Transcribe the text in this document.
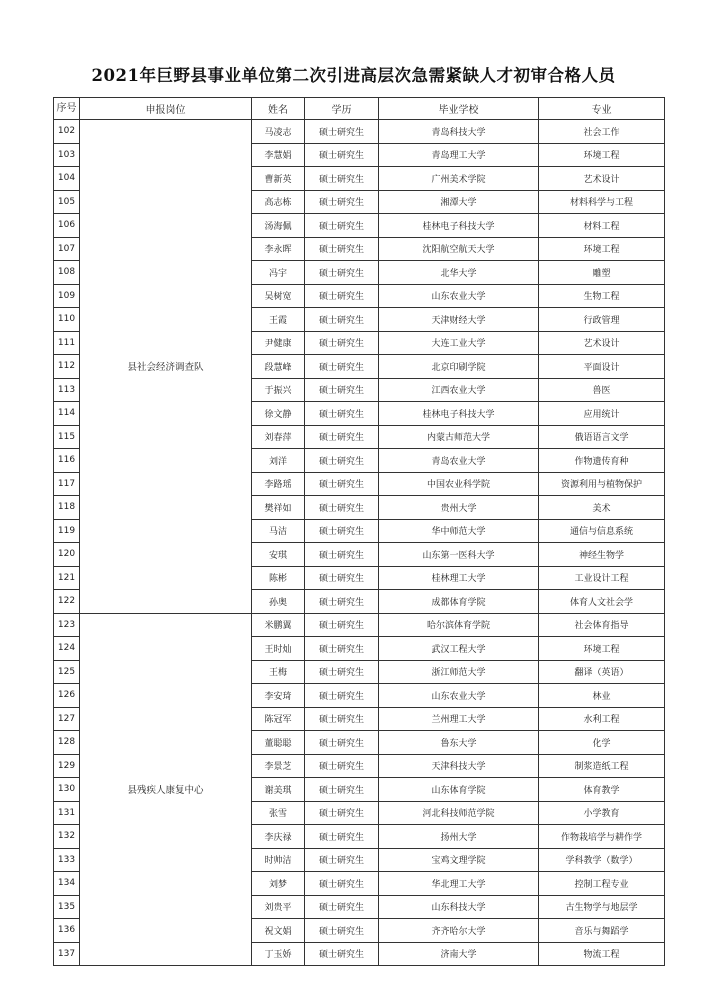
2021年巨野县事业单位第二次引进高层次急需紧缺人才初审合格人员
序号	申报岗位	姓名	学历	毕业学校	专业
102	县社会经济调查队	马凌志	硕士研究生	青岛科技大学	社会工作
103		李慧娟	硕士研究生	青岛理工大学	环境工程
104		曹新英	硕士研究生	广州美术学院	艺术设计
105		高志栋	硕士研究生	湘潭大学	材料科学与工程
106		汤海佩	硕士研究生	桂林电子科技大学	材料工程
107		李永晖	硕士研究生	沈阳航空航天大学	环境工程
108		冯宇	硕士研究生	北华大学	雕塑
109		吴树宽	硕士研究生	山东农业大学	生物工程
110		王霞	硕士研究生	天津财经大学	行政管理
111		尹健康	硕士研究生	大连工业大学	艺术设计
112		段慧峰	硕士研究生	北京印刷学院	平面设计
113		于振兴	硕士研究生	江西农业大学	兽医
114		徐文静	硕士研究生	桂林电子科技大学	应用统计
115		刘春萍	硕士研究生	内蒙古师范大学	俄语语言文学
116		刘洋	硕士研究生	青岛农业大学	作物遗传育种
117		李路瑶	硕士研究生	中国农业科学院	资源利用与植物保护
118		樊祥如	硕士研究生	贵州大学	美术
119		马洁	硕士研究生	华中师范大学	通信与信息系统
120		安琪	硕士研究生	山东第一医科大学	神经生物学
121		陈彬	硕士研究生	桂林理工大学	工业设计工程
122		孙奥	硕士研究生	成都体育学院	体育人文社会学
123	县残疾人康复中心	米鹏翼	硕士研究生	哈尔滨体育学院	社会体育指导
124		王时灿	硕士研究生	武汉工程大学	环境工程
125		王梅	硕士研究生	浙江师范大学	翻译（英语）
126		李安琦	硕士研究生	山东农业大学	林业
127		陈冠军	硕士研究生	兰州理工大学	水利工程
128		董聪聪	硕士研究生	鲁东大学	化学
129		李景芝	硕士研究生	天津科技大学	制浆造纸工程
130		谢美琪	硕士研究生	山东体育学院	体育教学
131		张雪	硕士研究生	河北科技师范学院	小学教育
132		李庆禄	硕士研究生	扬州大学	作物栽培学与耕作学
133		时帅洁	硕士研究生	宝鸡文理学院	学科教学（数学）
134		刘梦	硕士研究生	华北理工大学	控制工程专业
135		刘贵平	硕士研究生	山东科技大学	古生物学与地层学
136		祝文娟	硕士研究生	齐齐哈尔大学	音乐与舞蹈学
137		丁玉娇	硕士研究生	济南大学	物流工程
